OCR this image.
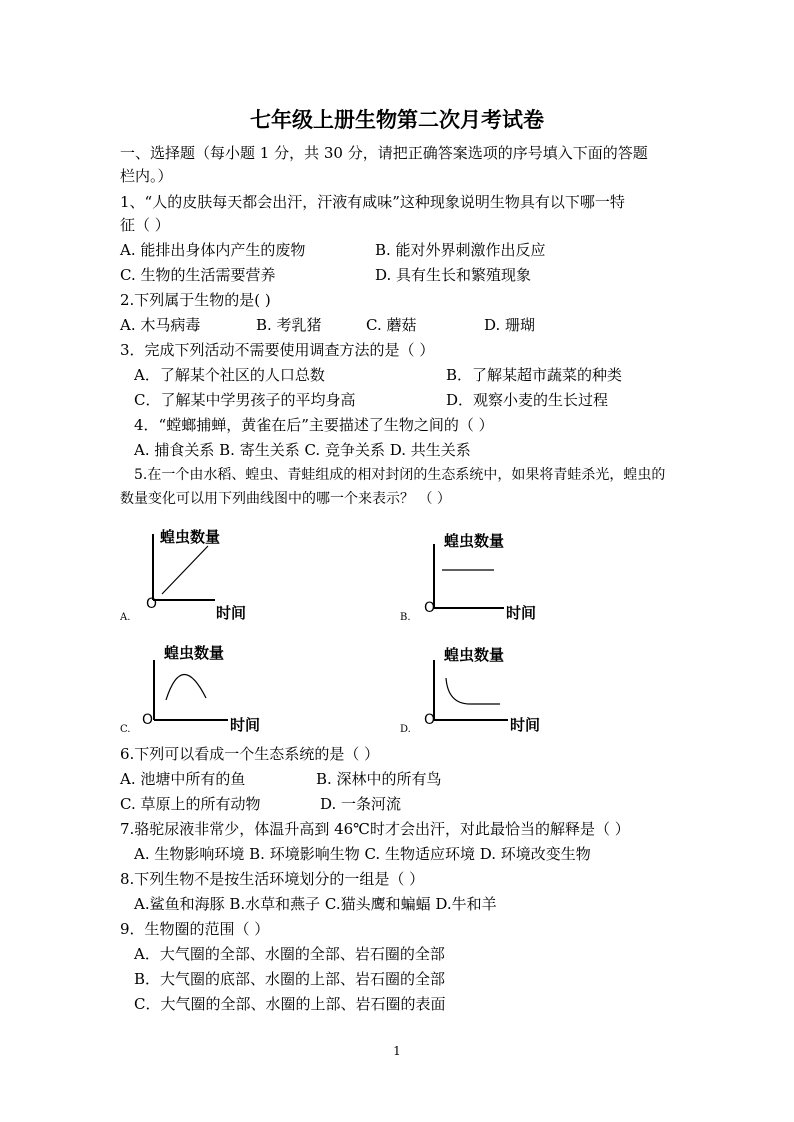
七年级上册生物第二次月考试卷
一、选择题（每小题 1 分，共 30 分，请把正确答案选项的序号填入下面的答题
栏内。）
1、“人的皮肤每天都会出汗，汗液有咸味”这种现象说明生物具有以下哪一特
征（ ）
A. 能排出身体内产生的废物	B. 能对外界刺激作出反应
C. 生物的生活需要营养	D. 具有生长和繁殖现象
2.下列属于生物的是( )
A. 木马病毒	B. 考乳猪	C. 蘑菇	D. 珊瑚
3．完成下列活动不需要使用调查方法的是（ ）
A．了解某个社区的人口总数	B．了解某超市蔬菜的种类
C．了解某中学男孩子的平均身高	D．观察小麦的生长过程
4．“螳螂捕蝉，黄雀在后”主要描述了生物之间的（ ）
A. 捕食关系 B. 寄生关系 C. 竞争关系 D. 共生关系
5.在一个由水稻、蝗虫、青蛙组成的相对封闭的生态系统中，如果将青蛙杀光，蝗虫的
数量变化可以用下列曲线图中的哪一个来表示？ （ ）
A.
蝗虫数量
O	时间	B.
蝗虫数量
O	时间
C.
蝗虫数量
O	时间	D.
蝗虫数量
O	时间
6.下列可以看成一个生态系统的是（ ）
A. 池塘中所有的鱼	B. 深林中的所有鸟
C. 草原上的所有动物	D. 一条河流
7.骆驼尿液非常少，体温升高到 46℃时才会出汗，对此最恰当的解释是（ ）
A. 生物影响环境 B. 环境影响生物 C. 生物适应环境 D. 环境改变生物
8.下列生物不是按生活环境划分的一组是（ ）
A.鲨鱼和海豚 B.水草和燕子 C.猫头鹰和蝙蝠 D.牛和羊
9．生物圈的范围（ ）
A．大气圈的全部、水圈的全部、岩石圈的全部
B．大气圈的底部、水圈的上部、岩石圈的全部
C．大气圈的全部、水圈的上部、岩石圈的表面
1
